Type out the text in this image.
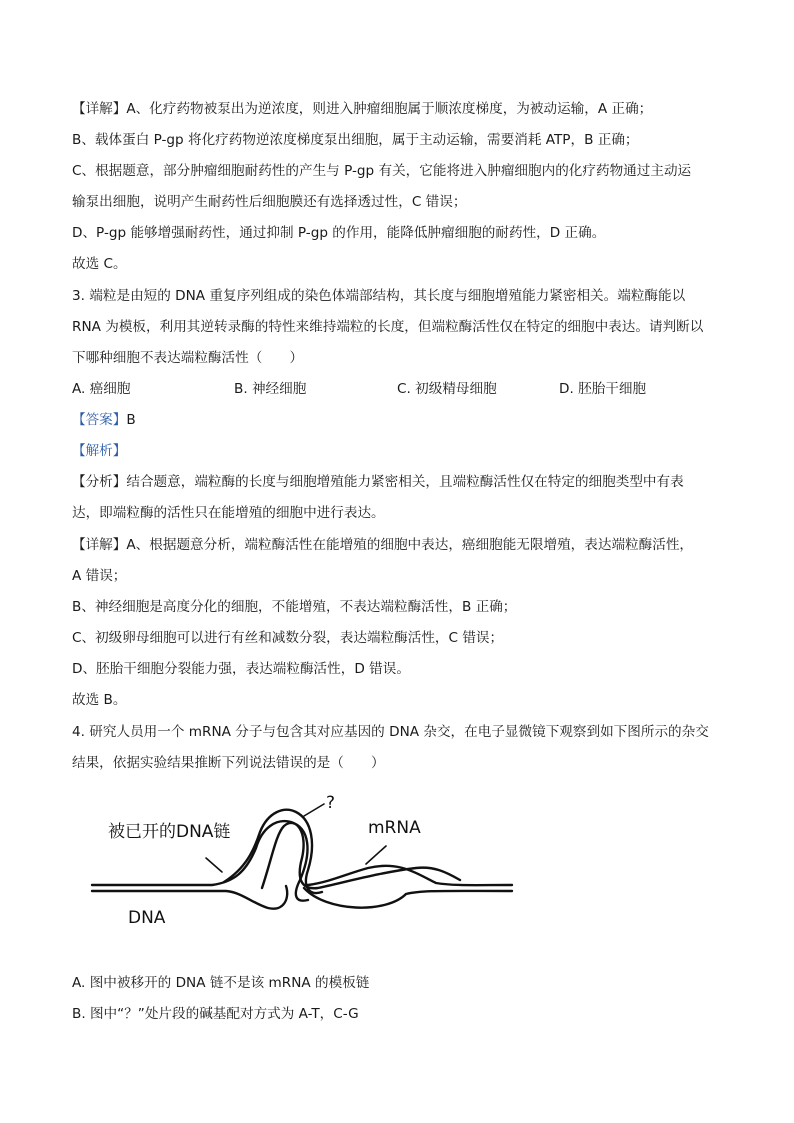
【详解】A、化疗药物被泵出为逆浓度，则进入肿瘤细胞属于顺浓度梯度，为被动运输，A 正确；
B、载体蛋白 P-gp 将化疗药物逆浓度梯度泵出细胞，属于主动运输，需要消耗 ATP，B 正确；
C、根据题意，部分肿瘤细胞耐药性的产生与 P-gp 有关，它能将进入肿瘤细胞内的化疗药物通过主动运
输泵出细胞，说明产生耐药性后细胞膜还有选择透过性，C 错误；
D、P-gp 能够增强耐药性，通过抑制 P-gp 的作用，能降低肿瘤细胞的耐药性，D 正确。
故选 C。
3. 端粒是由短的 DNA 重复序列组成的染色体端部结构，其长度与细胞增殖能力紧密相关。端粒酶能以
RNA 为模板，利用其逆转录酶的特性来维持端粒的长度，但端粒酶活性仅在特定的细胞中表达。请判断以
下哪种细胞不表达端粒酶活性（　　）
A. 癌细胞	B. 神经细胞	C. 初级精母细胞	D. 胚胎干细胞
【答案】B
【解析】
【分析】结合题意，端粒酶的长度与细胞增殖能力紧密相关，且端粒酶活性仅在特定的细胞类型中有表
达，即端粒酶的活性只在能增殖的细胞中进行表达。
【详解】A、根据题意分析，端粒酶活性在能增殖的细胞中表达，癌细胞能无限增殖，表达端粒酶活性，
A 错误；
B、神经细胞是高度分化的细胞，不能增殖，不表达端粒酶活性，B 正确；
C、初级卵母细胞可以进行有丝和减数分裂，表达端粒酶活性，C 错误；
D、胚胎干细胞分裂能力强，表达端粒酶活性，D 错误。
故选 B。
4. 研究人员用一个 mRNA 分子与包含其对应基因的 DNA 杂交，在电子显微镜下观察到如下图所示的杂交
结果，依据实验结果推断下列说法错误的是（　　）
被已开的DNA链
?
mRNA
DNA
A. 图中被移开的 DNA 链不是该 mRNA 的模板链
B. 图中“？”处片段的碱基配对方式为 A-T，C-G
